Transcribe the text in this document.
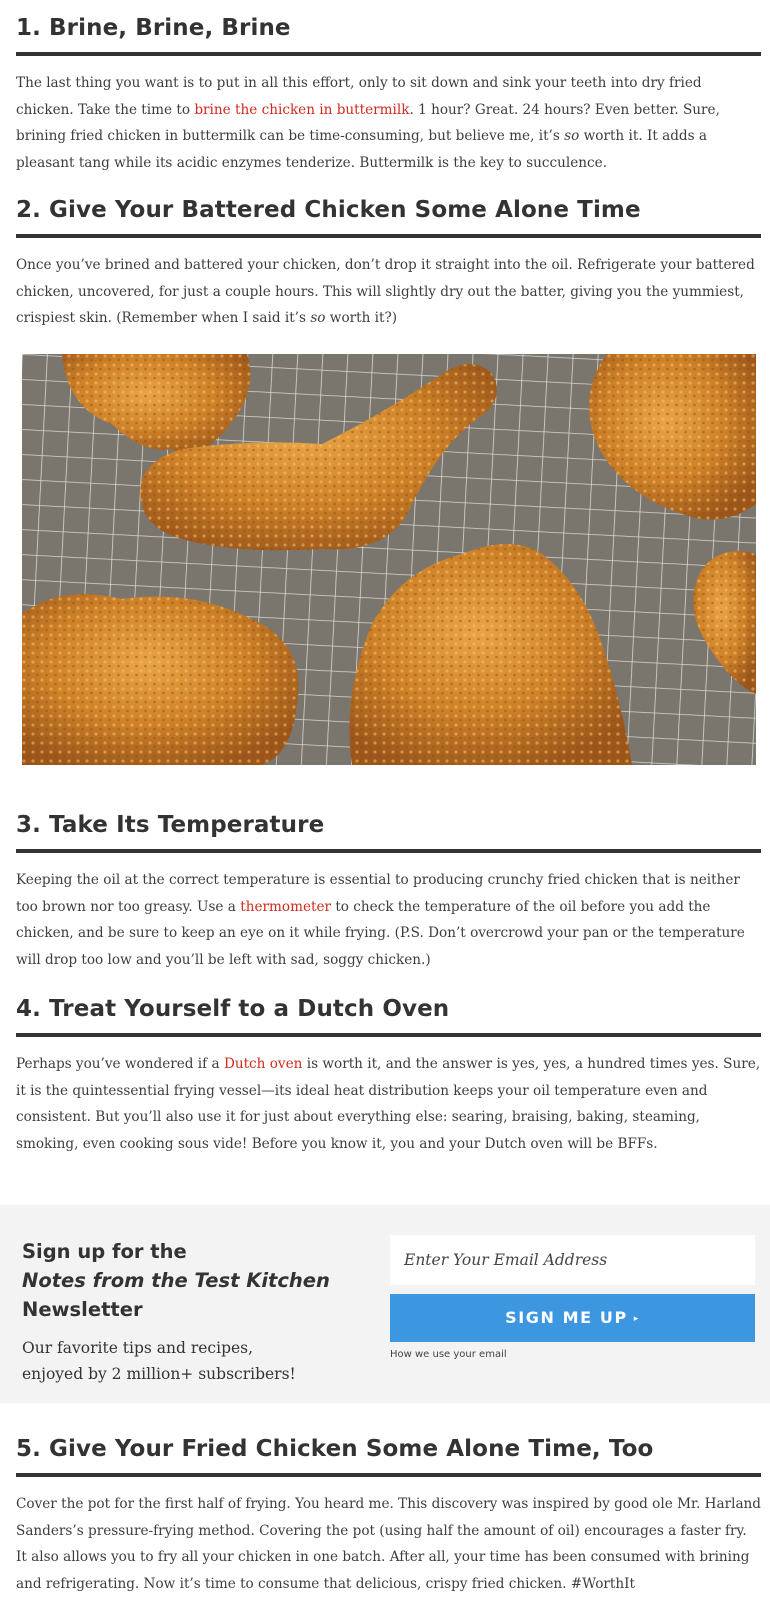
1. Brine, Brine, Brine

The last thing you want is to put in all this effort, only to sit down and sink your teeth into dry fried chicken. Take the time to brine the chicken in buttermilk. 1 hour? Great. 24 hours? Even better. Sure, brining fried chicken in buttermilk can be time-consuming, but believe me, it’s so worth it. It adds a pleasant tang while its acidic enzymes tenderize. Buttermilk is the key to succulence.

2. Give Your Battered Chicken Some Alone Time

Once you’ve brined and battered your chicken, don’t drop it straight into the oil. Refrigerate your battered chicken, uncovered, for just a couple hours. This will slightly dry out the batter, giving you the yummiest, crispiest skin. (Remember when I said it’s so worth it?)

3. Take Its Temperature

Keeping the oil at the correct temperature is essential to producing crunchy fried chicken that is neither too brown nor too greasy. Use a thermometer to check the temperature of the oil before you add the chicken, and be sure to keep an eye on it while frying. (P.S. Don’t overcrowd your pan or the temperature will drop too low and you’ll be left with sad, soggy chicken.)

4. Treat Yourself to a Dutch Oven

Perhaps you’ve wondered if a Dutch oven is worth it, and the answer is yes, yes, a hundred times yes. Sure, it is the quintessential frying vessel—its ideal heat distribution keeps your oil temperature even and consistent. But you’ll also use it for just about everything else: searing, braising, baking, steaming, smoking, even cooking sous vide! Before you know it, you and your Dutch oven will be BFFs.

Sign up for the
Notes from the Test Kitchen
Newsletter
Our favorite tips and recipes,
enjoyed by 2 million+ subscribers!
Enter Your Email Address
SIGN ME UP ▸
How we use your email
5. Give Your Fried Chicken Some Alone Time, Too

Cover the pot for the first half of frying. You heard me. This discovery was inspired by good ole Mr. Harland Sanders’s pressure-frying method. Covering the pot (using half the amount of oil) encourages a faster fry. It also allows you to fry all your chicken in one batch. After all, your time has been consumed with brining and refrigerating. Now it’s time to consume that delicious, crispy fried chicken. #WorthIt
